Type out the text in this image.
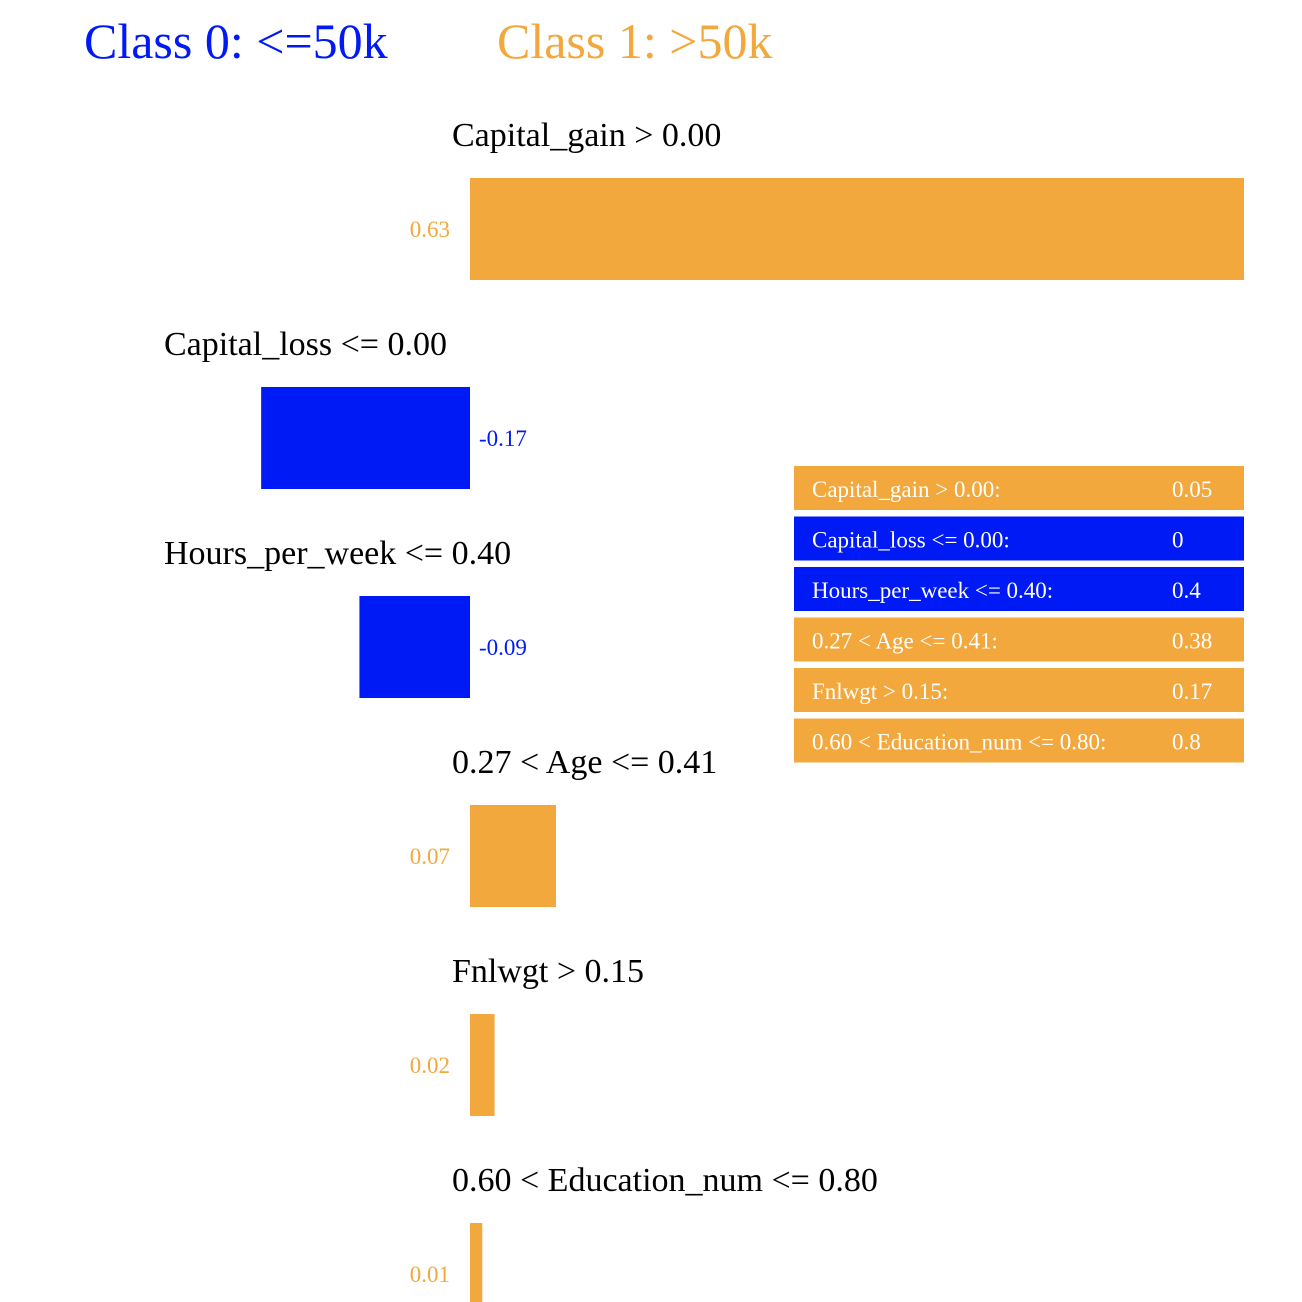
Class 0: <=50k Class 1: >50k
Capital_gain > 0.00
0.63
Capital_loss <= 0.00
-0.17
Hours_per_week <= 0.40
-0.09
0.27 < Age <= 0.41
0.07
Fnlwgt > 0.15
0.02
0.60 < Education_num <= 0.80
0.01
Capital_gain > 0.00:	0.05
Capital_loss <= 0.00:	0
Hours_per_week <= 0.40:	0.4
0.27 < Age <= 0.41:	0.38
Fnlwgt > 0.15:	0.17
0.60 < Education_num <= 0.80:	0.8
